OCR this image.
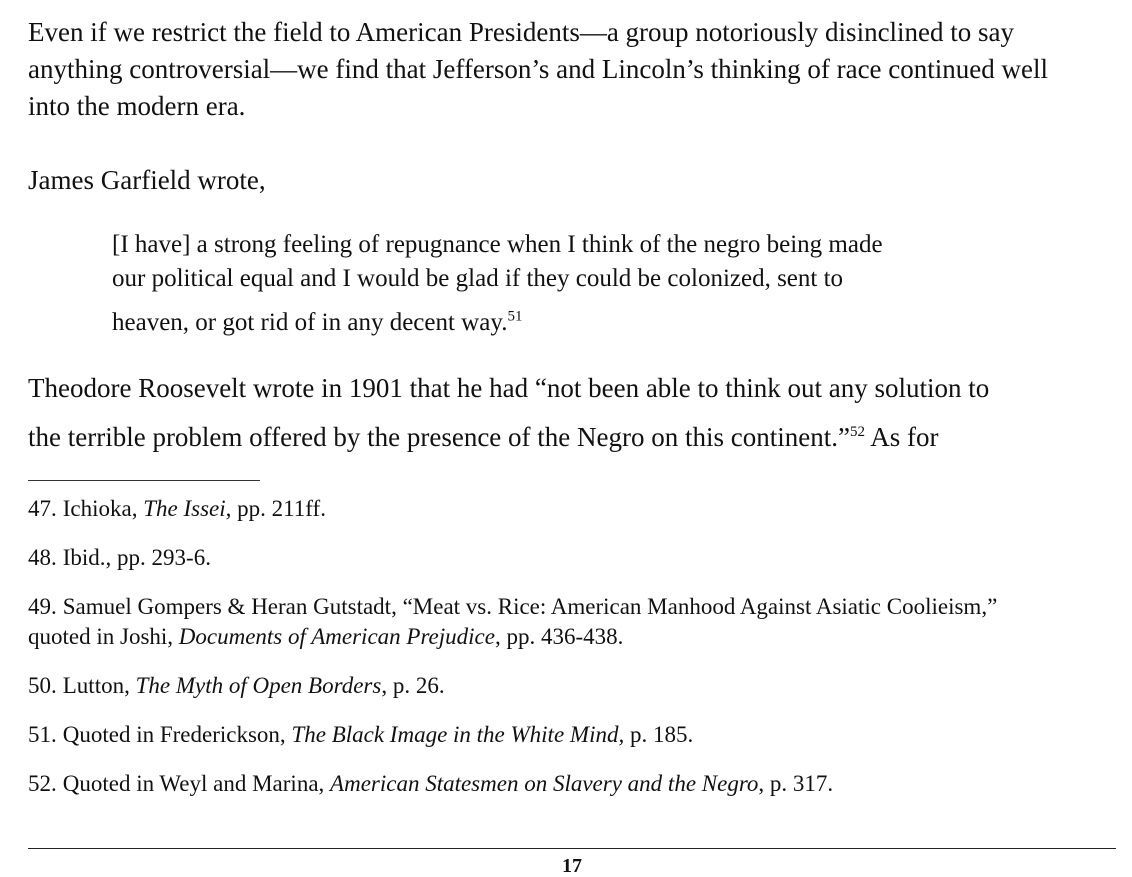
Even if we restrict the field to American Presidents—a group notoriously disinclined to say
anything controversial—we find that Jefferson’s and Lincoln’s thinking of race continued well
into the modern era.

James Garfield wrote,

[I have] a strong feeling of repugnance when I think of the negro being made
our political equal and I would be glad if they could be colonized, sent to
heaven, or got rid of in any decent way.$^{51}$

Theodore Roosevelt wrote in 1901 that he had “not been able to think out any solution to
the terrible problem offered by the presence of the Negro on this continent.”$^{52}$ As for

47. Ichioka, The Issei, pp. 211ff.

48. Ibid., pp. 293-6.

49. Samuel Gompers & Heran Gutstadt, “Meat vs. Rice: American Manhood Against Asiatic Coolieism,”
quoted in Joshi, Documents of American Prejudice, pp. 436-438.

50. Lutton, The Myth of Open Borders, p. 26.

51. Quoted in Frederickson, The Black Image in the White Mind, p. 185.

52. Quoted in Weyl and Marina, American Statesmen on Slavery and the Negro, p. 317.

17
